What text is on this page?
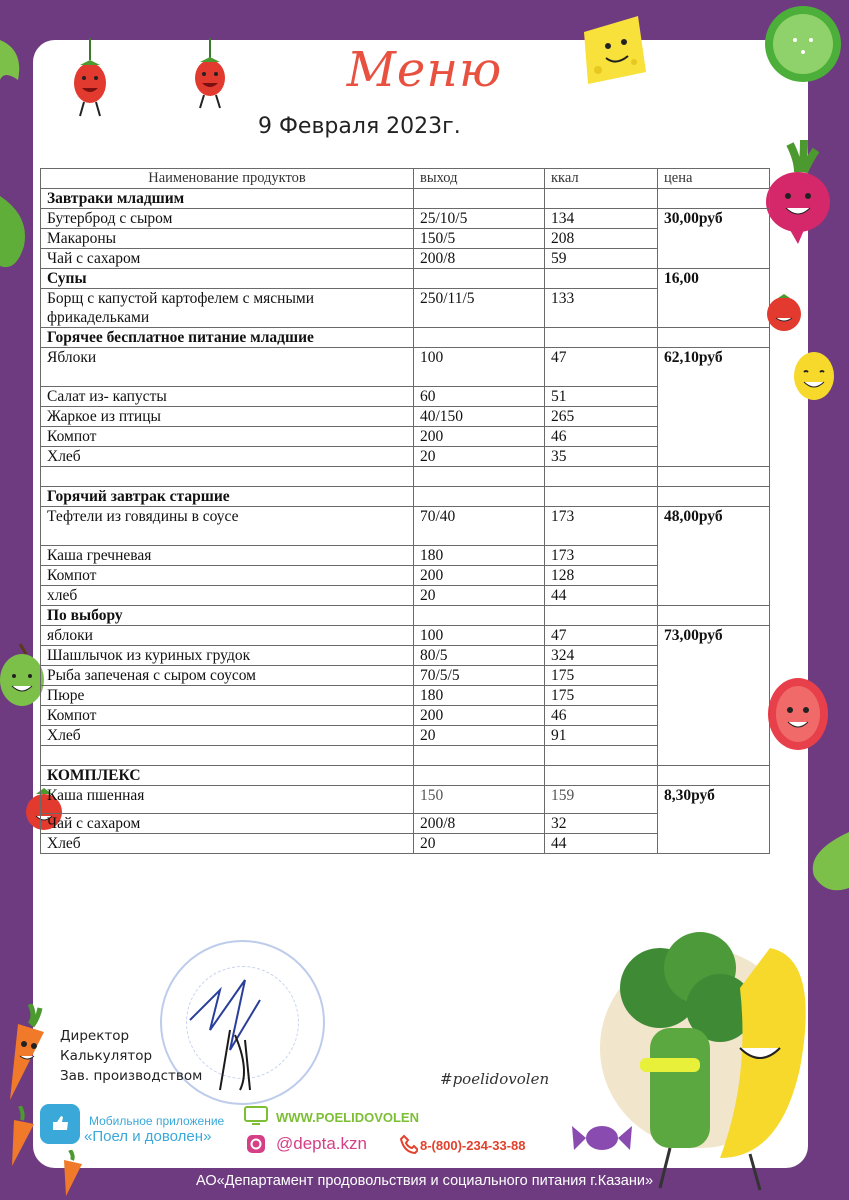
Меню
9 Февраля 2023г.
Наименование продуктов	выход	ккал	цена
Завтраки младшим			
Бутерброд с сыром	25/10/5	134	30,00руб
Макароны	150/5	208	
Чай с сахаром	200/8	59	
Супы			16,00
Борщ с капустой картофелем с мясными фрикадельками	250/11/5	133	
Горячее бесплатное питание младшие			
Яблоки	100	47	62,10руб
Салат из- капусты	60	51	
Жаркое из птицы	40/150	265	
Компот	200	46	
Хлеб	20	35	

Горячий завтрак старшие			
Тефтели из говядины в соусе	70/40	173	48,00руб
Каша гречневая	180	173	
Компот	200	128	
хлеб	20	44	
По выбору			
яблоки	100	47	73,00руб
Шашлычок из куриных грудок	80/5	324	
Рыба запеченая с сыром соусом	70/5/5	175	
Пюре	180	175	
Компот	200	46	
Хлеб	20	91	

КОМПЛЕКС			
Каша пшенная	150	159	8,30руб
Чай с сахаром	200/8	32	
Хлеб	20	44	
Директор
Калькулятор
Зав. производством	#poelidovolen
Мобильное приложение
«Поел и доволен»
WWW.POELIDOVOLEN
@depta.kzn	8-(800)-234-33-88
АО«Департамент продовольствия и социального питания г.Казани»
